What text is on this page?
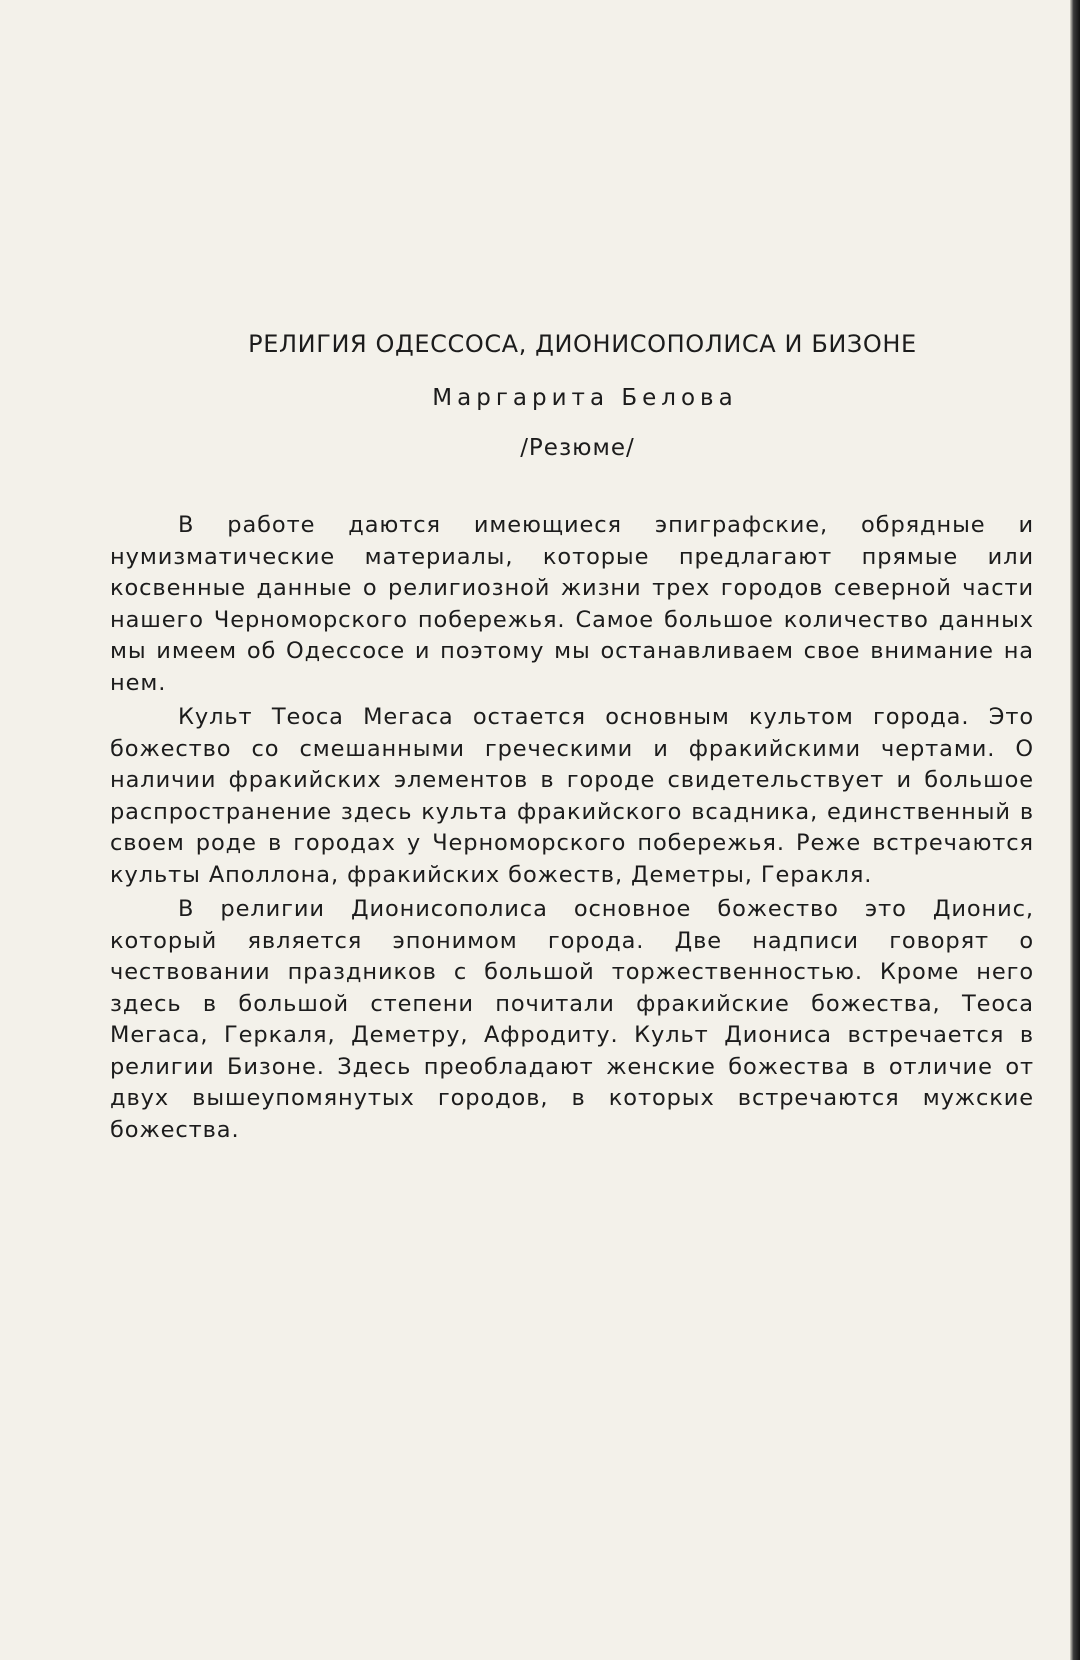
РЕЛИГИЯ ОДЕССОСА, ДИОНИСОПОЛИСА И БИЗОНЕ
Маргарита Белова
/Резюме/

В работе даются имеющиеся эпиграфские, обрядные и нумизматические материалы, которые предлагают прямые или косвенные данные о религиозной жизни трех городов северной части нашего Черноморского побережья. Самое большое количество данных мы имеем об Одессосе и поэтому мы останавливаем свое внимание на нем.

Культ Теоса Мегаса остается основным культом города. Это божество со смешанными греческими и фракийскими чертами. О наличии фракийских элементов в городе свидетельствует и большое распространение здесь культа фракийского всадника, единственный в своем роде в городах у Черноморского побережья. Реже встречаются культы Аполлона, фракийских божеств, Деметры, Геракля.

В религии Дионисополиса основное божество это Дионис, который является эпонимом города. Две надписи говорят о чествовании праздников с большой торжественностью. Кроме него здесь в большой степени почитали фракийские божества, Теоса Мегаса, Геркаля, Деметру, Афродиту. Культ Диониса встречается в религии Бизоне. Здесь преобладают женские божества в отличие от двух вышеупомянутых городов, в которых встречаются мужские божества.
